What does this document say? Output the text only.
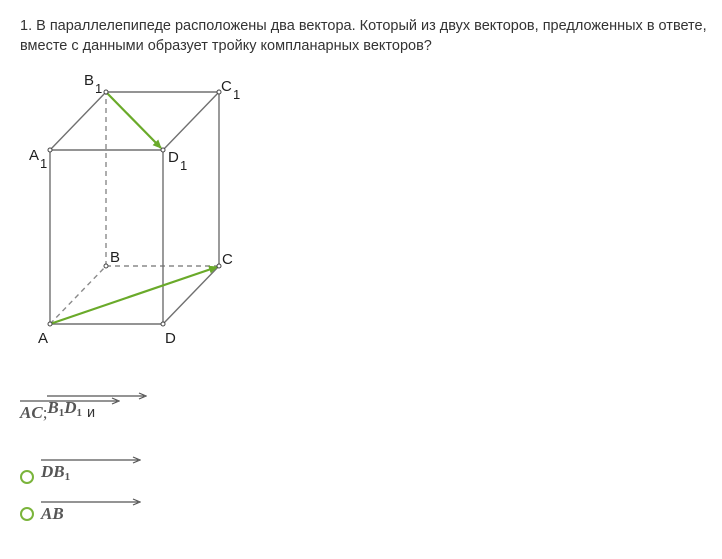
1. В параллелепипеде расположены два вектора. Который из двух векторов, предложенных в ответе, вместе с данными образует тройку компланарных векторов?
A
B	C
D
A 1
B 1	C 1
D 1
AC ; $B_1D_1$ и
$DB_1$
AB
